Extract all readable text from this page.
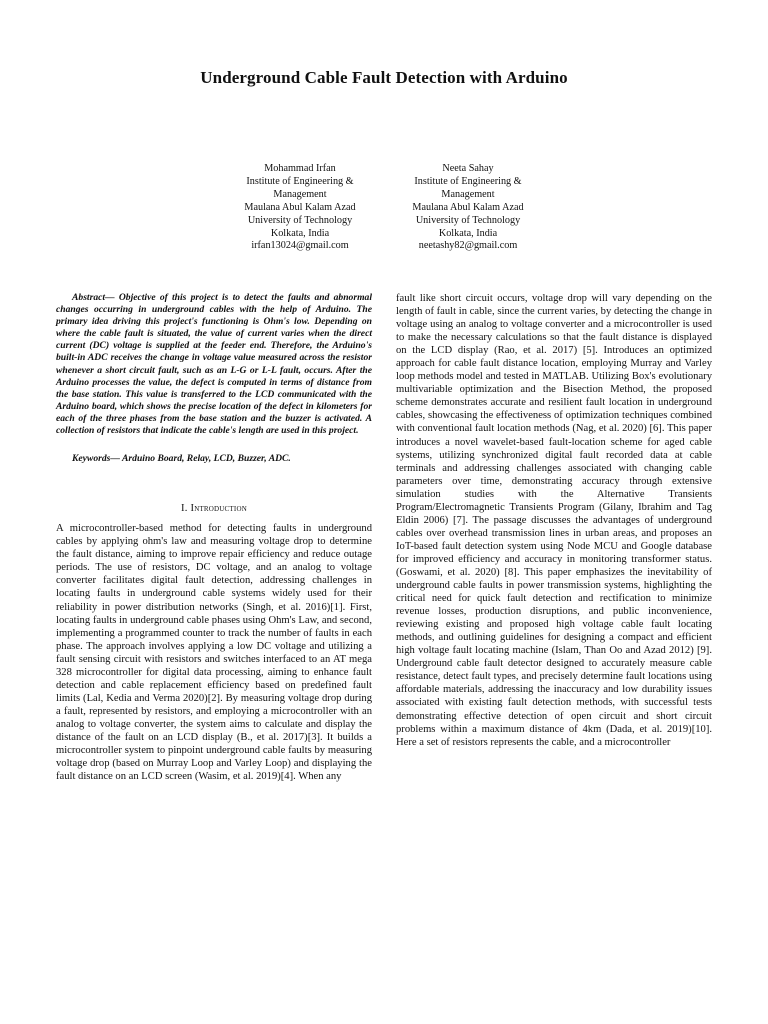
Underground Cable Fault Detection with Arduino
Mohammad Irfan
Institute of Engineering &
Management
Maulana Abul Kalam Azad
University of Technology
Kolkata, India
irfan13024@gmail.com
Neeta Sahay
Institute of Engineering &
Management
Maulana Abul Kalam Azad
University of Technology
Kolkata, India
neetashy82@gmail.com

Abstract— Objective of this project is to detect the faults and abnormal changes occurring in underground cables with the help of Arduino. The primary idea driving this project's functioning is Ohm's low. Depending on where the cable fault is situated, the value of current varies when the direct current (DC) voltage is supplied at the feeder end. Therefore, the Arduino's built-in ADC receives the change in voltage value measured across the resistor whenever a short circuit fault, such as an L-G or L-L fault, occurs. After the Arduino processes the value, the defect is computed in terms of distance from the base station. This value is transferred to the LCD communicated with the Arduino board, which shows the precise location of the defect in kilometers for each of the three phases from the base station and the buzzer is activated. A collection of resistors that indicate the cable's length are used in this project.

Keywords— Arduino Board, Relay, LCD, Buzzer, ADC.

I. Introduction

A microcontroller-based method for detecting faults in underground cables by applying ohm's law and measuring voltage drop to determine the fault distance, aiming to improve repair efficiency and reduce outage periods. The use of resistors, DC voltage, and an analog to voltage converter facilitates digital fault detection, addressing challenges in locating faults in underground cable systems widely used for their reliability in power distribution networks (Singh, et al. 2016)[1]. First, locating faults in underground cable phases using Ohm's Law, and second, implementing a programmed counter to track the number of faults in each phase. The approach involves applying a low DC voltage and utilizing a fault sensing circuit with resistors and switches interfaced to an AT mega 328 microcontroller for digital data processing, aiming to enhance fault detection and cable replacement efficiency based on predefined fault limits (Lal, Kedia and Verma 2020)[2]. By measuring voltage drop during a fault, represented by resistors, and employing a microcontroller with an analog to voltage converter, the system aims to calculate and display the distance of the fault on an LCD display (B., et al. 2017)[3]. It builds a microcontroller system to pinpoint underground cable faults by measuring voltage drop (based on Murray Loop and Varley Loop) and displaying the fault distance on an LCD screen (Wasim, et al. 2019)[4]. When any

fault like short circuit occurs, voltage drop will vary depending on the length of fault in cable, since the current varies, by detecting the change in voltage using an analog to voltage converter and a microcontroller is used to make the necessary calculations so that the fault distance is displayed on the LCD display (Rao, et al. 2017) [5]. Introduces an optimized approach for cable fault distance location, employing Murray and Varley loop methods model and tested in MATLAB. Utilizing Box's evolutionary multivariable optimization and the Bisection Method, the proposed scheme demonstrates accurate and resilient fault location in underground cables, showcasing the effectiveness of optimization techniques combined with conventional fault location methods (Nag, et al. 2020) [6]. This paper introduces a novel wavelet-based fault-location scheme for aged cable systems, utilizing synchronized digital fault recorded data at cable terminals and addressing challenges associated with changing cable parameters over time, demonstrating accuracy through extensive simulation studies with the Alternative Transients Program/Electromagnetic Transients Program (Gilany, Ibrahim and Tag Eldin 2006) [7]. The passage discusses the advantages of underground cables over overhead transmission lines in urban areas, and proposes an IoT-based fault detection system using Node MCU and Google database for improved efficiency and accuracy in monitoring transformer status. (Goswami, et al. 2020) [8]. This paper emphasizes the inevitability of underground cable faults in power transmission systems, highlighting the critical need for quick fault detection and rectification to minimize revenue losses, production disruptions, and public inconvenience, reviewing existing and proposed high voltage cable fault locating methods, and outlining guidelines for designing a compact and efficient high voltage fault locating machine (Islam, Than Oo and Azad 2012) [9]. Underground cable fault detector designed to accurately measure cable resistance, detect fault types, and precisely determine fault locations using affordable materials, addressing the inaccuracy and low durability issues associated with existing fault detection methods, with successful tests demonstrating effective detection of open circuit and short circuit problems within a maximum distance of 4km (Dada, et al. 2019)[10]. Here a set of resistors represents the cable, and a microcontroller
